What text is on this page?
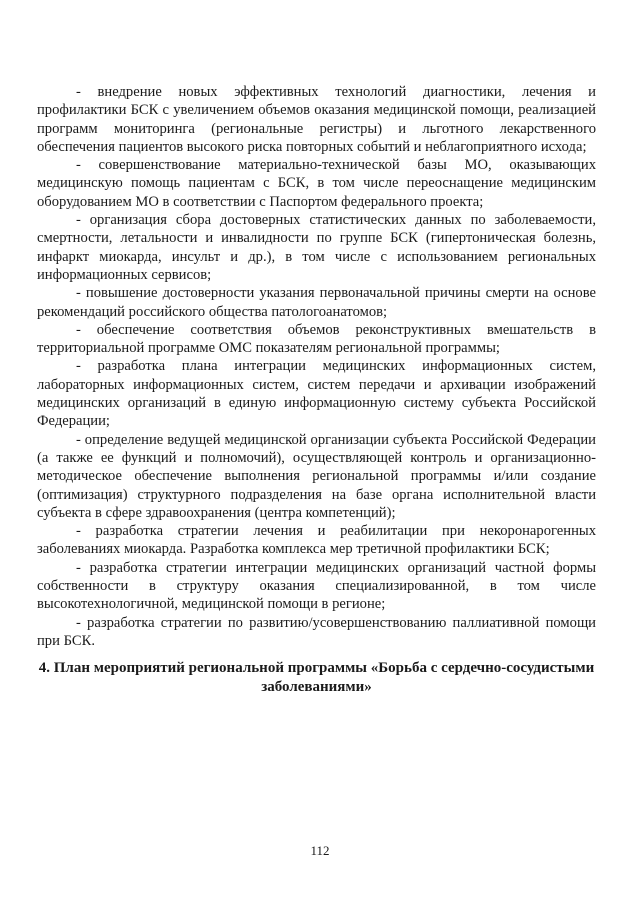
- внедрение новых эффективных технологий диагностики, лечения и профилактики БСК с увеличением объемов оказания медицинской помощи, реализацией программ мониторинга (региональные регистры) и льготного лекарственного обеспечения пациентов высокого риска повторных событий и неблагоприятного исхода;

- совершенствование материально-технической базы МО, оказывающих медицинскую помощь пациентам с БСК, в том числе переоснащение медицинским оборудованием МО в соответствии с Паспортом федерального проекта;

- организация сбора достоверных статистических данных по заболеваемости, смертности, летальности и инвалидности по группе БСК (гипертоническая болезнь, инфаркт миокарда, инсульт и др.), в том числе с использованием региональных информационных сервисов;

- повышение достоверности указания первоначальной причины смерти на основе рекомендаций российского общества патологоанатомов;

- обеспечение соответствия объемов реконструктивных вмешательств в территориальной программе ОМС показателям региональной программы;

- разработка плана интеграции медицинских информационных систем, лабораторных информационных систем, систем передачи и архивации изображений медицинских организаций в единую информационную систему субъекта Российской Федерации;

- определение ведущей медицинской организации субъекта Российской Федерации (а также ее функций и полномочий), осуществляющей контроль и организационно-методическое обеспечение выполнения региональной программы и/или создание (оптимизация) структурного подразделения на базе органа исполнительной власти субъекта в сфере здравоохранения (центра компетенций);

- разработка стратегии лечения и реабилитации при некоронарогенных заболеваниях миокарда. Разработка комплекса мер третичной профилактики БСК;

- разработка стратегии интеграции медицинских организаций частной формы собственности в структуру оказания специализированной, в том числе высокотехнологичной, медицинской помощи в регионе;

- разработка стратегии по развитию/усовершенствованию паллиативной помощи при БСК.

4. План мероприятий региональной программы «Борьба с сердечно-сосудистыми заболеваниями»
112
